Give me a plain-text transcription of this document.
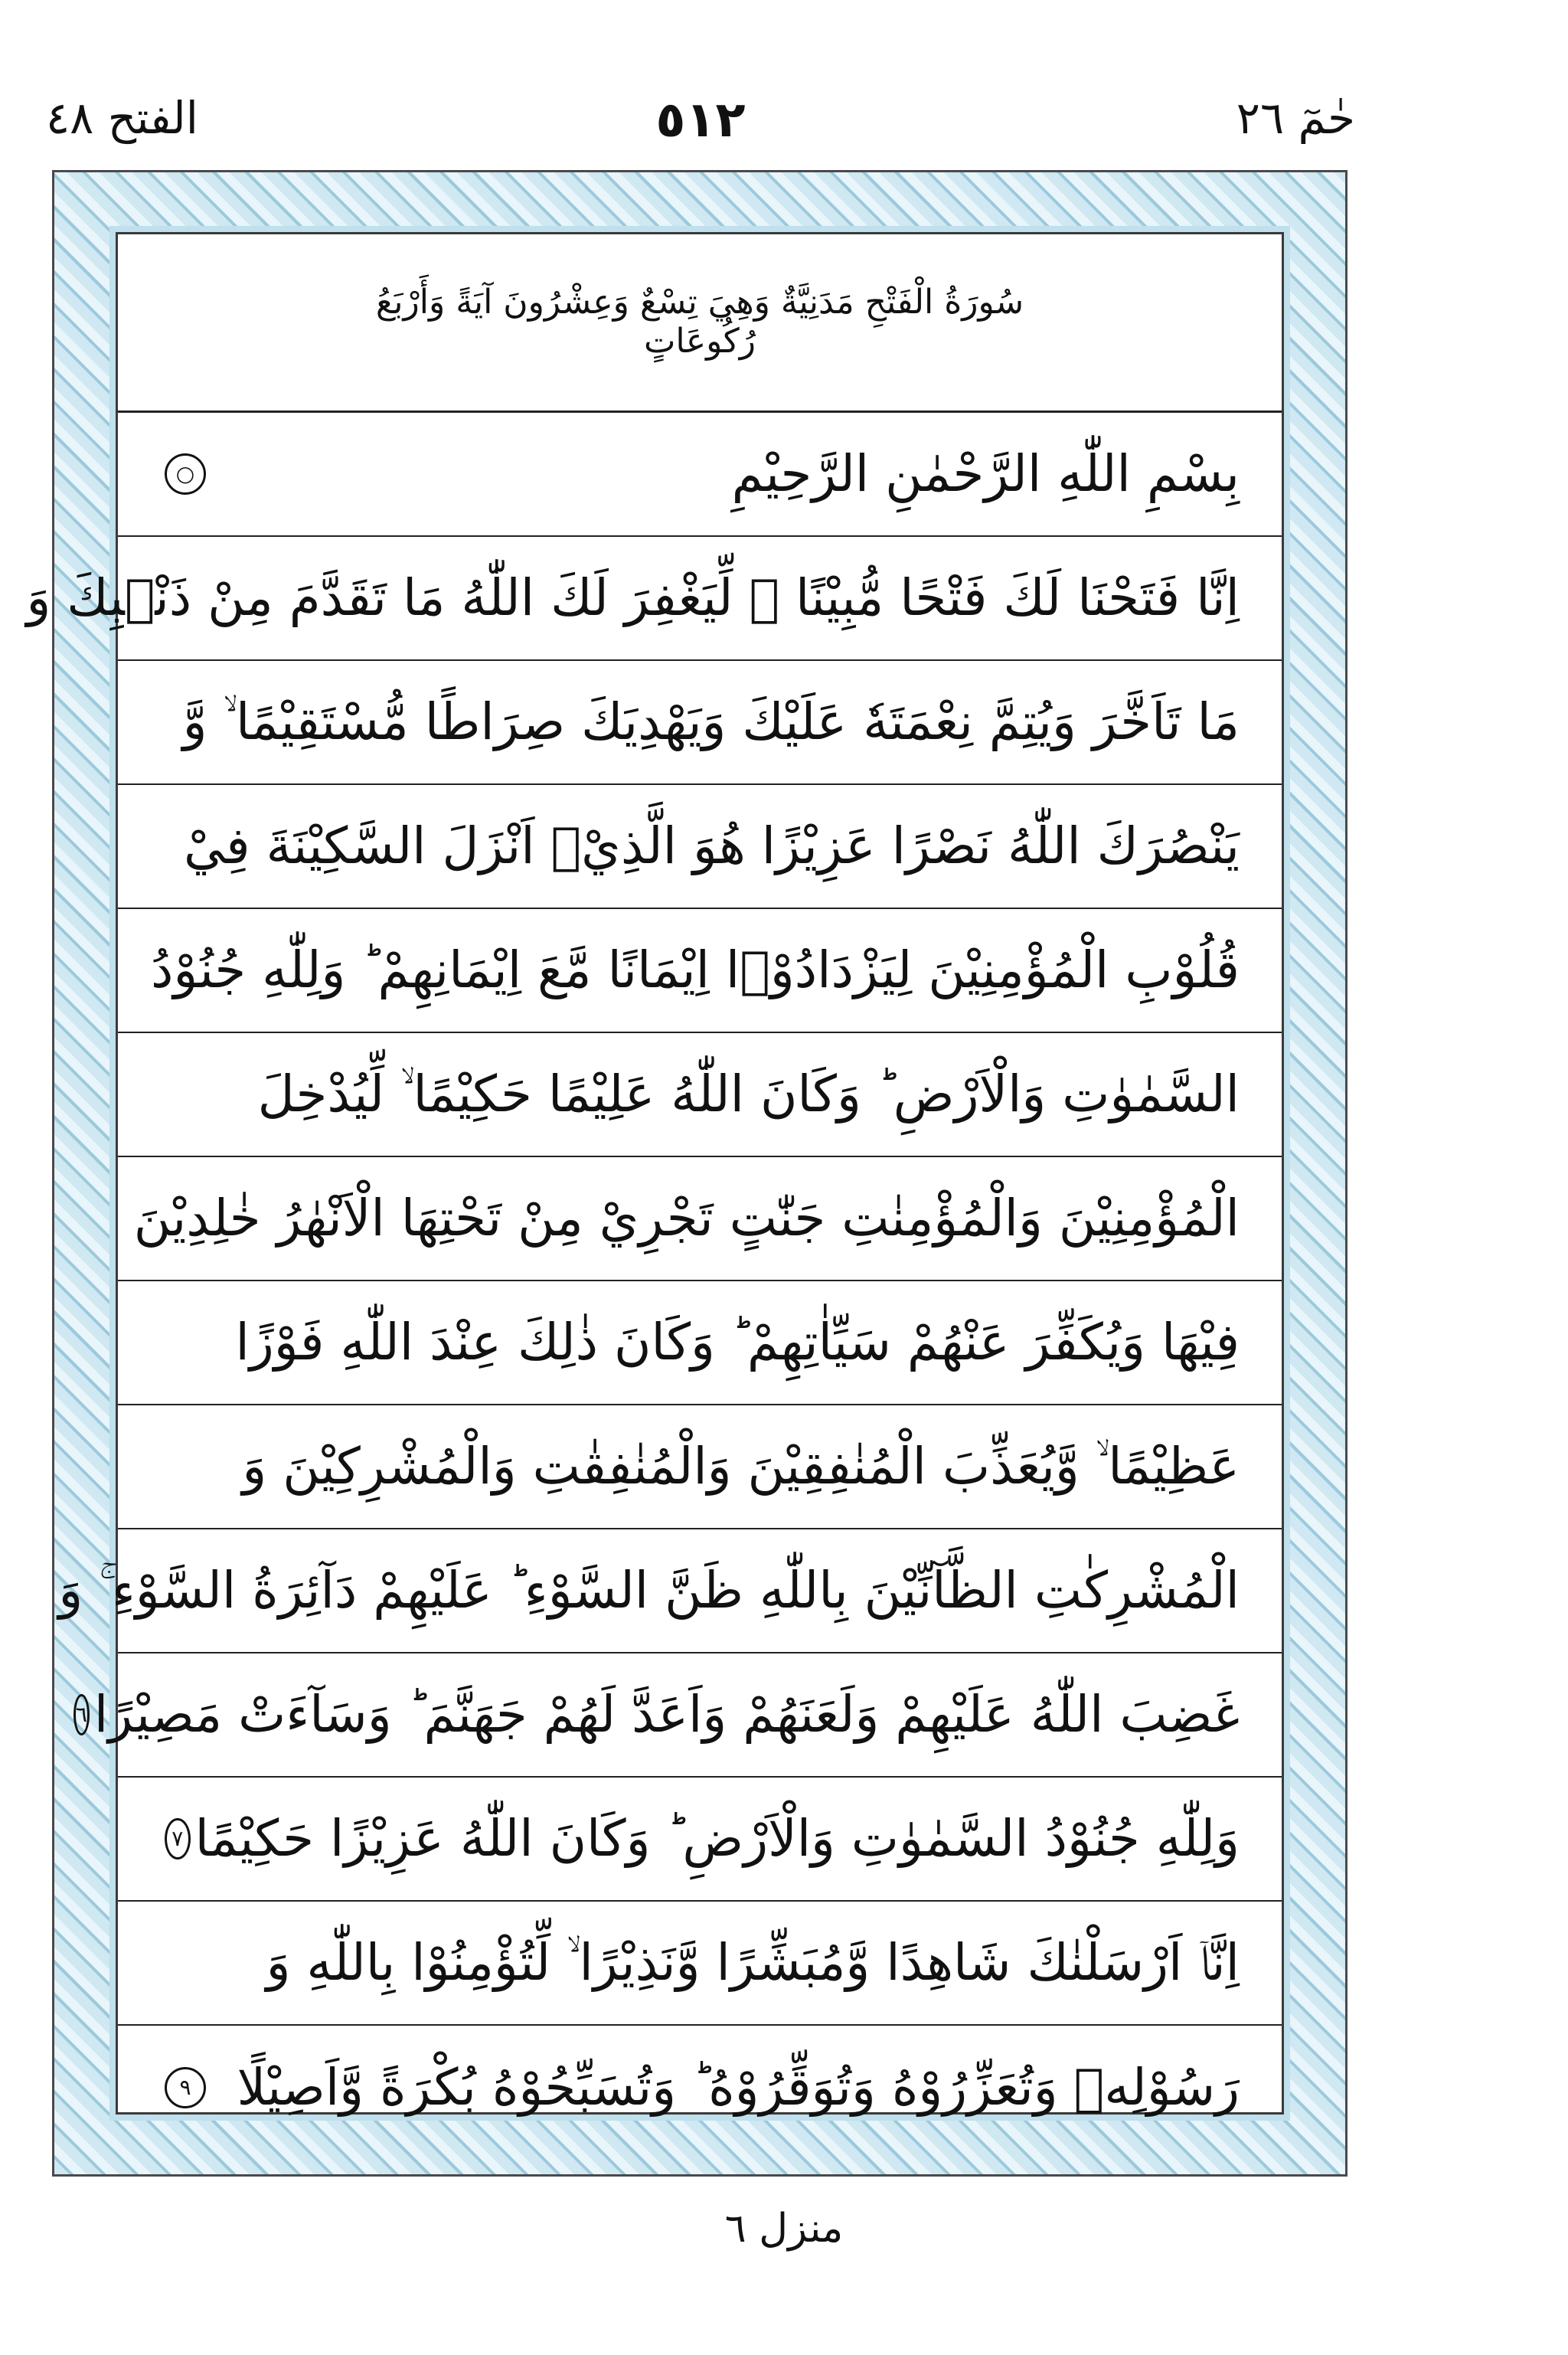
حٰمٓ ٢٦
٥١٢
الفتح ٤٨
سُورَةُ الْفَتْحِ مَدَنِيَّةٌ وَهِيَ تِسْعٌ وَعِشْرُونَ آيَةً وَأَرْبَعُ رُكُوعَاتٍ
بِسْمِ اللّٰهِ الرَّحْمٰنِ الرَّحِيْمِ
○
اِنَّا فَتَحْنَا لَكَ فَتْحًا مُّبِيْنًا ۙ لِّيَغْفِرَ لَكَ اللّٰهُ مَا تَقَدَّمَ مِنْ ذَنْۢبِكَ وَ
مَا تَاَخَّرَ وَيُتِمَّ نِعْمَتَهٗ عَلَيْكَ وَيَهْدِيَكَ صِرَاطًا مُّسْتَقِيْمًا ۙ وَّ
يَنْصُرَكَ اللّٰهُ نَصْرًا عَزِيْزًا هُوَ الَّذِيْۤ اَنْزَلَ السَّكِيْنَةَ فِيْ
قُلُوْبِ الْمُؤْمِنِيْنَ لِيَزْدَادُوْۤا اِيْمَانًا مَّعَ اِيْمَانِهِمْ ؕ وَلِلّٰهِ جُنُوْدُ
السَّمٰوٰتِ وَالْاَرْضِ ؕ وَكَانَ اللّٰهُ عَلِيْمًا حَكِيْمًا ۙ لِّيُدْخِلَ
الْمُؤْمِنِيْنَ وَالْمُؤْمِنٰتِ جَنّٰتٍ تَجْرِيْ مِنْ تَحْتِهَا الْاَنْهٰرُ خٰلِدِيْنَ
فِيْهَا وَيُكَفِّرَ عَنْهُمْ سَيِّاٰتِهِمْ ؕ وَكَانَ ذٰلِكَ عِنْدَ اللّٰهِ فَوْزًا
عَظِيْمًا ۙ وَّيُعَذِّبَ الْمُنٰفِقِيْنَ وَالْمُنٰفِقٰتِ وَالْمُشْرِكِيْنَ وَ
الْمُشْرِكٰتِ الظَّآنِّيْنَ بِاللّٰهِ ظَنَّ السَّوْءِ ؕ عَلَيْهِمْ دَآئِرَةُ السَّوْءِ ۚ وَ
غَضِبَ اللّٰهُ عَلَيْهِمْ وَلَعَنَهُمْ وَاَعَدَّ لَهُمْ جَهَنَّمَ ؕ وَسَآءَتْ مَصِيْرًا
٦
وَلِلّٰهِ جُنُوْدُ السَّمٰوٰتِ وَالْاَرْضِ ؕ وَكَانَ اللّٰهُ عَزِيْزًا حَكِيْمًا
٧
اِنَّاۤ اَرْسَلْنٰكَ شَاهِدًا وَّمُبَشِّرًا وَّنَذِيْرًا ۙ لِّتُؤْمِنُوْا بِاللّٰهِ وَ
رَسُوْلِهٖ وَتُعَزِّرُوْهُ وَتُوَقِّرُوْهُ ؕ وَتُسَبِّحُوْهُ بُكْرَةً وَّاَصِيْلًا
٩
منزل ٦
